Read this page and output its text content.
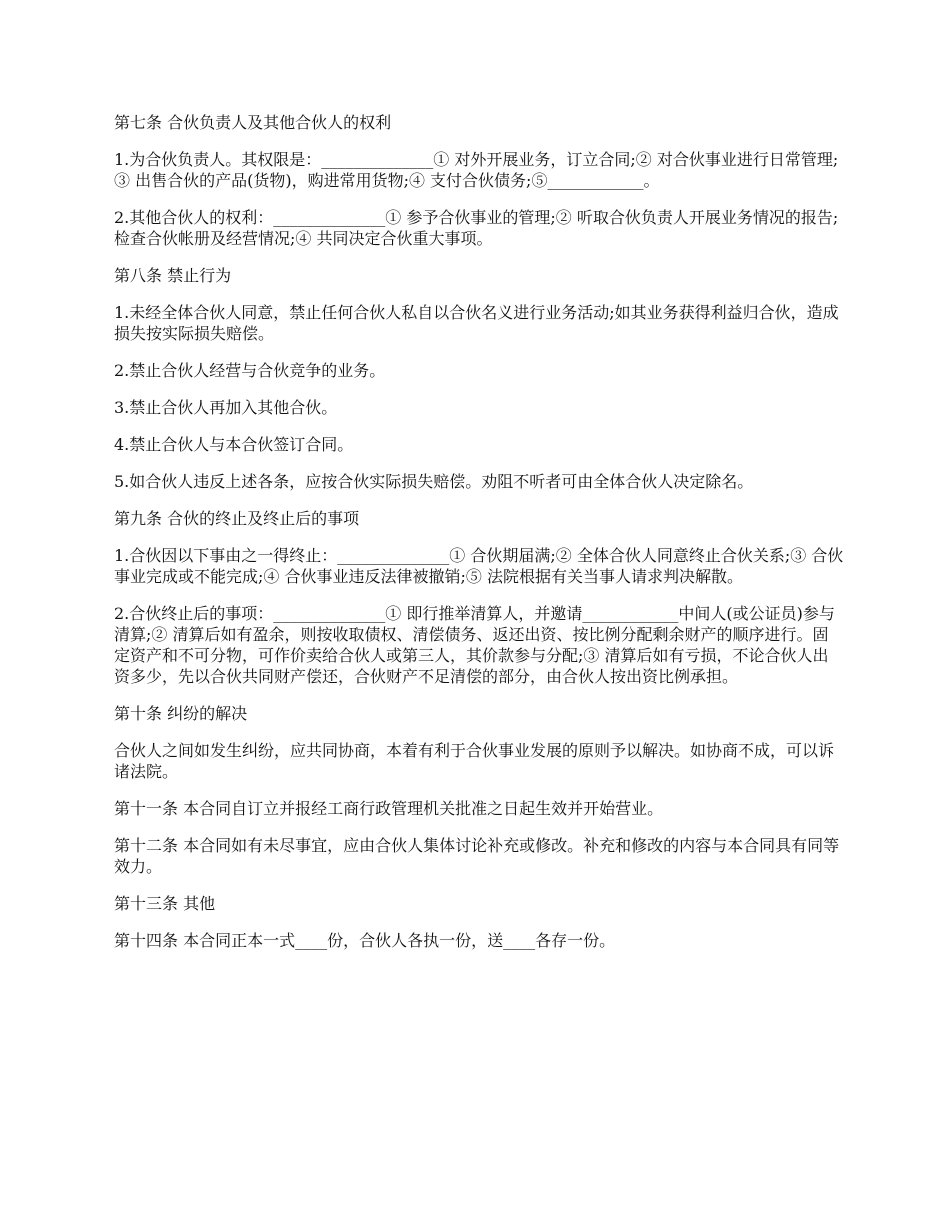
第七条 合伙负责人及其他合伙人的权利

1.为合伙负责人。其权限是：______________① 对外开展业务，订立合同;② 对合伙事业进行日常管理;③ 出售合伙的产品(货物)，购进常用货物;④ 支付合伙债务;⑤____________。

2.其他合伙人的权利：______________① 参予合伙事业的管理;② 听取合伙负责人开展业务情况的报告;检查合伙帐册及经营情况;④ 共同决定合伙重大事项。

第八条 禁止行为

1.未经全体合伙人同意，禁止任何合伙人私自以合伙名义进行业务活动;如其业务获得利益归合伙，造成损失按实际损失赔偿。

2.禁止合伙人经营与合伙竞争的业务。

3.禁止合伙人再加入其他合伙。

4.禁止合伙人与本合伙签订合同。

5.如合伙人违反上述各条，应按合伙实际损失赔偿。劝阻不听者可由全体合伙人决定除名。

第九条 合伙的终止及终止后的事项

1.合伙因以下事由之一得终止：______________① 合伙期届满;② 全体合伙人同意终止合伙关系;③ 合伙事业完成或不能完成;④ 合伙事业违反法律被撤销;⑤ 法院根据有关当事人请求判决解散。

2.合伙终止后的事项：______________① 即行推举清算人，并邀请____________中间人(或公证员)参与清算;② 清算后如有盈余，则按收取债权、清偿债务、返还出资、按比例分配剩余财产的顺序进行。固定资产和不可分物，可作价卖给合伙人或第三人，其价款参与分配;③ 清算后如有亏损，不论合伙人出资多少，先以合伙共同财产偿还，合伙财产不足清偿的部分，由合伙人按出资比例承担。

第十条 纠纷的解决

合伙人之间如发生纠纷，应共同协商，本着有利于合伙事业发展的原则予以解决。如协商不成，可以诉诸法院。

第十一条 本合同自订立并报经工商行政管理机关批准之日起生效并开始营业。

第十二条 本合同如有未尽事宜，应由合伙人集体讨论补充或修改。补充和修改的内容与本合同具有同等效力。

第十三条 其他

第十四条 本合同正本一式____份，合伙人各执一份，送____各存一份。
